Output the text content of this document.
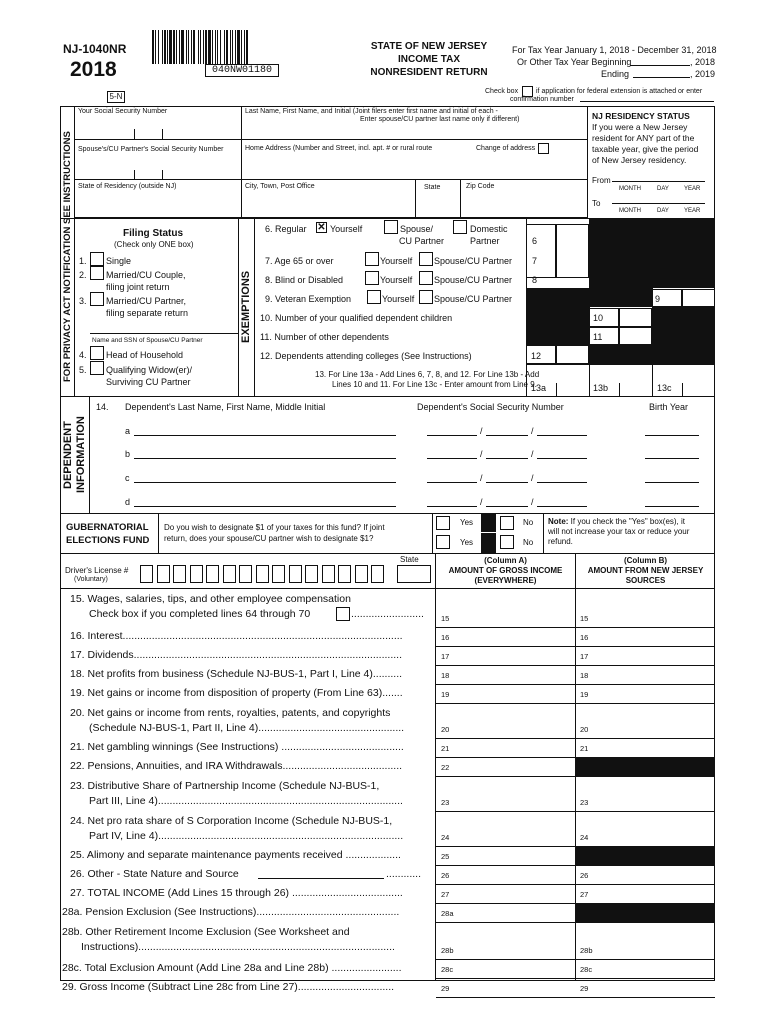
NJ-1040NR
2018	040NW01180
STATE OF NEW JERSEY
INCOME TAX
NONRESIDENT RETURN
For Tax Year January 1, 2018 - December 31, 2018
Or Other Tax Year Beginning	, 2018
Ending	, 2019
5-N
Check box	if application for federal extension is attached or enter
confirmation number
FOR PRIVACY ACT NOTIFICATION SEE INSTRUCTIONS
Your Social Security Number	Last Name, First Name, and Initial (Joint filers enter first name and initial of each -
Enter spouse/CU partner last name only if different)
Spouse's/CU Partner's Social Security Number	Home Address (Number and Street, incl. apt. # or rural route	Change of address
State of Residency (outside NJ)	City, Town, Post Office	State	Zip Code
NJ RESIDENCY STATUS
If you were a New Jersey
resident for ANY part of the
taxable year, give the period
of New Jersey residency.
From
MONTH	DAY	YEAR
To
MONTH	DAY	YEAR
Filing Status
(Check only ONE box)
1. Single
2. Married/CU Couple,
filing joint return
3. Married/CU Partner,
filing separate return
Name and SSN of Spouse/CU Partner
4. Head of Household
5. Qualifying Widow(er)/
Surviving CU Partner
EXEMPTIONS
6. Regular ✕ Yourself	Spouse/
CU Partner
Domestic
Partner
7. Age 65 or over	Yourself Spouse/CU Partner
8. Blind or Disabled	Yourself Spouse/CU Partner
9. Veteran Exemption	Yourself Spouse/CU Partner
10. Number of your qualified dependent children
11. Number of other dependents
12. Dependents attending colleges (See Instructions)
13. For Line 13a - Add Lines 6, 7, 8, and 12. For Line 13b - Add
Lines 10 and 11. For Line 13c - Enter amount from Line 9.
6
7
8
9
10
11
12
13a	13b	13c
DEPENDENT
INFORMATION
14. Dependent's Last Name, First Name, Middle Initial	Dependent's Social Security Number	Birth Year
a	/	/
b	/	/
c	/	/
d	/	/
GUBERNATORIAL
ELECTIONS FUND
Do you wish to designate $1 of your taxes for this fund? If joint
return, does your spouse/CU partner wish to designate $1?
Yes	No
Yes	No
Note: If you check the "Yes" box(es), it
will not increase your tax or reduce your
refund.
Driver's License #
(Voluntary)
State	(Column A)
AMOUNT OF GROSS INCOME
(EVERYWHERE)
(Column B)
AMOUNT FROM NEW JERSEY
SOURCES
15. Wages, salaries, tips, and other employee compensation
Check box if you completed lines 64 through 70	......................... 15	15
16. Interest................................................................................................	16	16
17. Dividends............................................................................................	17	17
18. Net profits from business (Schedule NJ-BUS-1, Part I, Line 4)..........	18	18
19. Net gains or income from disposition of property (From Line 63).......	19	19
20. Net gains or income from rents, royalties, patents, and copyrights
(Schedule NJ-BUS-1, Part II, Line 4)..................................................	20	20
21. Net gambling winnings (See Instructions) ..........................................	21	21
22. Pensions, Annuities, and IRA Withdrawals.........................................	22
23. Distributive Share of Partnership Income (Schedule NJ-BUS-1,
Part III, Line 4)....................................................................................	23	23
24. Net pro rata share of S Corporation Income (Schedule NJ-BUS-1,
Part IV, Line 4)....................................................................................	24	24
25. Alimony and separate maintenance payments received ...................	25
26. Other - State Nature and Source	............	26	26
27. TOTAL INCOME (Add Lines 15 through 26) ......................................	27	27
28a. Pension Exclusion (See Instructions).................................................	28a
28b. Other Retirement Income Exclusion (See Worksheet and
Instructions)........................................................................................	28b	28b
28c. Total Exclusion Amount (Add Line 28a and Line 28b) ........................	28c	28c
29. Gross Income (Subtract Line 28c from Line 27).................................	29	29
